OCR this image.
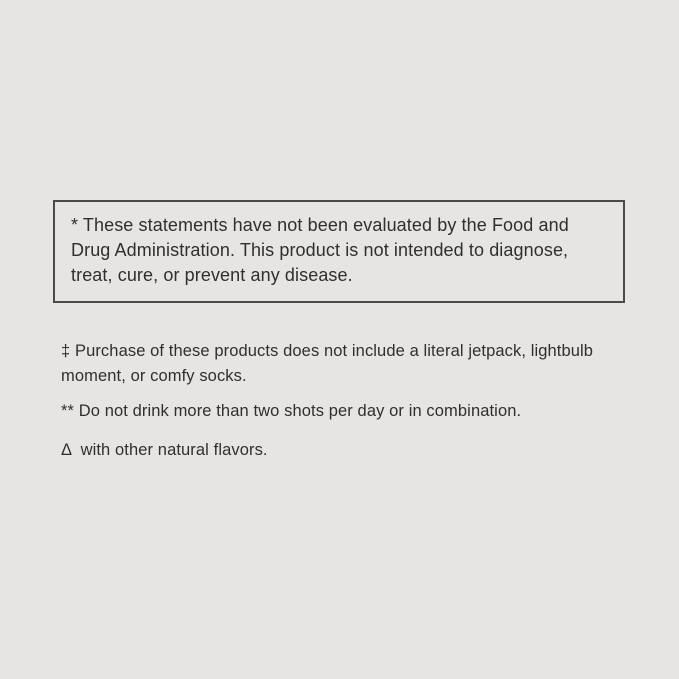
* These statements have not been evaluated by the Food and
Drug Administration. This product is not intended to diagnose,
treat, cure, or prevent any disease.
‡ Purchase of these products does not include a literal jetpack, lightbulb
moment, or comfy socks.
** Do not drink more than two shots per day or in combination.
Δ  with other natural flavors.
